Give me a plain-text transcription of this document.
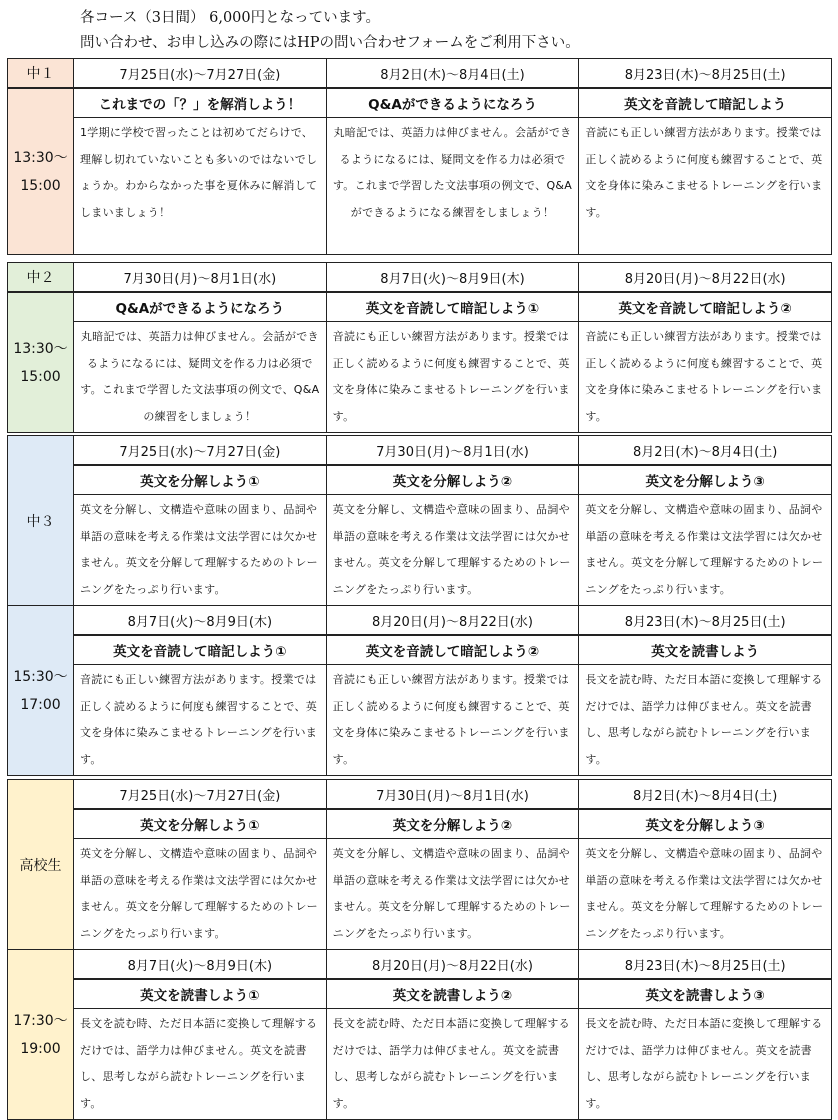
各コース（3日間） 6,000円となっています。
問い合わせ、お申し込みの際にはHPの問い合わせフォームをご利用下さい。
中１	7月25日(水)～7月27日(金)	8月2日(木)～8月4日(土)	8月23日(木)～8月25日(土)

13:30～
15:00	これまでの「？」を解消しよう！	Q&Aができるようになろう	英文を音読して暗記しよう
	1学期に学校で習ったことは初めてだらけで、理解し切れていないことも多いのではないでしょうか。わからなかった事を夏休みに解消してしまいましょう！	丸暗記では、英語力は伸びません。会話ができるようになるには、疑問文を作る力は必須です。これまで学習した文法事項の例文で、Q&Aができるようになる練習をしましょう！	音読にも正しい練習方法があります。授業では正しく読めるように何度も練習することで、英文を身体に染みこませるトレーニングを行います。
中２	7月30日(月)～8月1日(水)	8月7日(火)～8月9日(木)	8月20日(月)～8月22日(水)

13:30～
15:00	Q&Aができるようになろう	英文を音読して暗記しよう①	英文を音読して暗記しよう②
	丸暗記では、英語力は伸びません。会話ができるようになるには、疑問文を作る力は必須です。これまで学習した文法事項の例文で、Q&Aの練習をしましょう！	音読にも正しい練習方法があります。授業では正しく読めるように何度も練習することで、英文を身体に染みこませるトレーニングを行います。	音読にも正しい練習方法があります。授業では正しく読めるように何度も練習することで、英文を身体に染みこませるトレーニングを行います。
中３	7月25日(水)～7月27日(金)	7月30日(月)～8月1日(水)	8月2日(木)～8月4日(土)
	英文を分解しよう①	英文を分解しよう②	英文を分解しよう③
	英文を分解し、文構造や意味の固まり、品詞や単語の意味を考える作業は文法学習には欠かせません。英文を分解して理解するためのトレーニングをたっぷり行います。	英文を分解し、文構造や意味の固まり、品詞や単語の意味を考える作業は文法学習には欠かせません。英文を分解して理解するためのトレーニングをたっぷり行います。	英文を分解し、文構造や意味の固まり、品詞や単語の意味を考える作業は文法学習には欠かせません。英文を分解して理解するためのトレーニングをたっぷり行います。

15:30～
17:00	8月7日(火)～8月9日(木)	8月20日(月)～8月22日(水)	8月23日(木)～8月25日(土)
	英文を音読して暗記しよう①	英文を音読して暗記しよう②	英文を読書しよう
	音読にも正しい練習方法があります。授業では正しく読めるように何度も練習することで、英文を身体に染みこませるトレーニングを行います。	音読にも正しい練習方法があります。授業では正しく読めるように何度も練習することで、英文を身体に染みこませるトレーニングを行います。	長文を読む時、ただ日本語に変換して理解するだけでは、語学力は伸びません。英文を読書し、思考しながら読むトレーニングを行います。
高校生	7月25日(水)～7月27日(金)	7月30日(月)～8月1日(水)	8月2日(木)～8月4日(土)
	英文を分解しよう①	英文を分解しよう②	英文を分解しよう③
	英文を分解し、文構造や意味の固まり、品詞や単語の意味を考える作業は文法学習には欠かせません。英文を分解して理解するためのトレーニングをたっぷり行います。	英文を分解し、文構造や意味の固まり、品詞や単語の意味を考える作業は文法学習には欠かせません。英文を分解して理解するためのトレーニングをたっぷり行います。	英文を分解し、文構造や意味の固まり、品詞や単語の意味を考える作業は文法学習には欠かせません。英文を分解して理解するためのトレーニングをたっぷり行います。

17:30～
19:00	8月7日(火)～8月9日(木)	8月20日(月)～8月22日(水)	8月23日(木)～8月25日(土)
	英文を読書しよう①	英文を読書しよう②	英文を読書しよう③
	長文を読む時、ただ日本語に変換して理解するだけでは、語学力は伸びません。英文を読書し、思考しながら読むトレーニングを行います。	長文を読む時、ただ日本語に変換して理解するだけでは、語学力は伸びません。英文を読書し、思考しながら読むトレーニングを行います。	長文を読む時、ただ日本語に変換して理解するだけでは、語学力は伸びません。英文を読書し、思考しながら読むトレーニングを行います。
